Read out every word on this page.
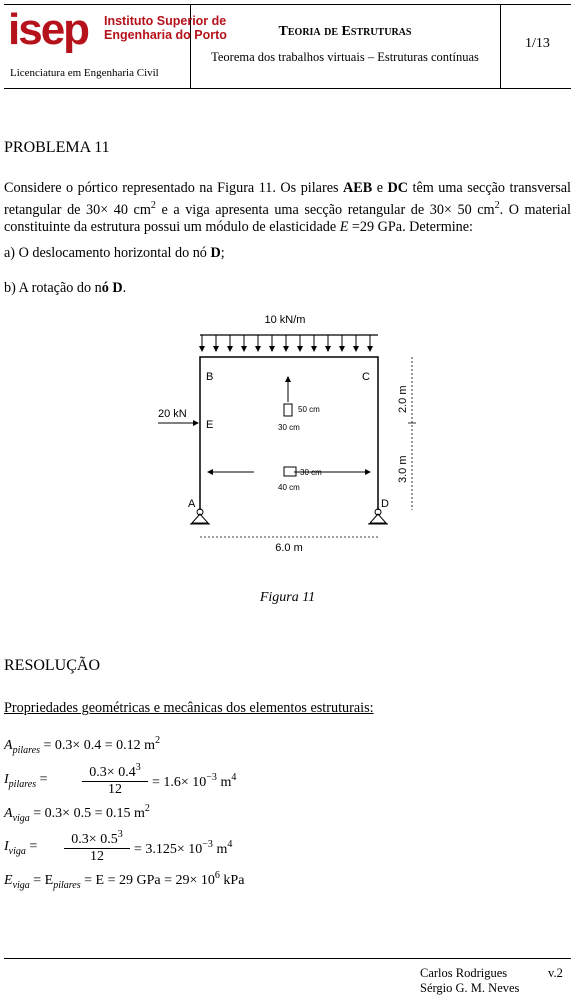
isep Instituto Superior de
Engenharia do Porto
Licenciatura em Engenharia Civil
Teoria de Estruturas
Teorema dos trabalhos virtuais – Estruturas contínuas
1/13
PROBLEMA 11
Considere o pórtico representado na Figura 11. Os pilares AEB e DC têm uma secção transversal retangular de 30× 40 $cm^2$ e a viga apresenta uma secção retangular de 30× 50 $cm^2$. O material constituinte da estrutura possui um módulo de elasticidade E =29 GPa. Determine:
a) O deslocamento horizontal do nó D;
b) A rotação do nó D.
10 kN/m
B	C
E
A	D
20 kN	50 cm
30 cm
30 cm
40 cm
6.0 m
2.0 m
3.0 m
Figura 11
RESOLUÇÃO
Propriedades geométricas e mecânicas dos elementos estruturais:
$A_{pilares} = 0.3\times 0.4 = 0.12$ $m^2$
$I_{pilares}$ =	$0.3\times 0.4^3$
12	= $1.6\times 10^{-3}$ $m^4$
$A_{viga} = 0.3\times 0.5 = 0.15$ $m^2$
$I_{viga}$ =	$0.3\times 0.5^3$
12	= $3.125\times 10^{-3}$ $m^4$
$E_{viga} = E_{pilares} = E = 29$ GPa = $29\times 10^6$ kPa
Carlos Rodrigues
Sérgio G. M. Neves
v.2
